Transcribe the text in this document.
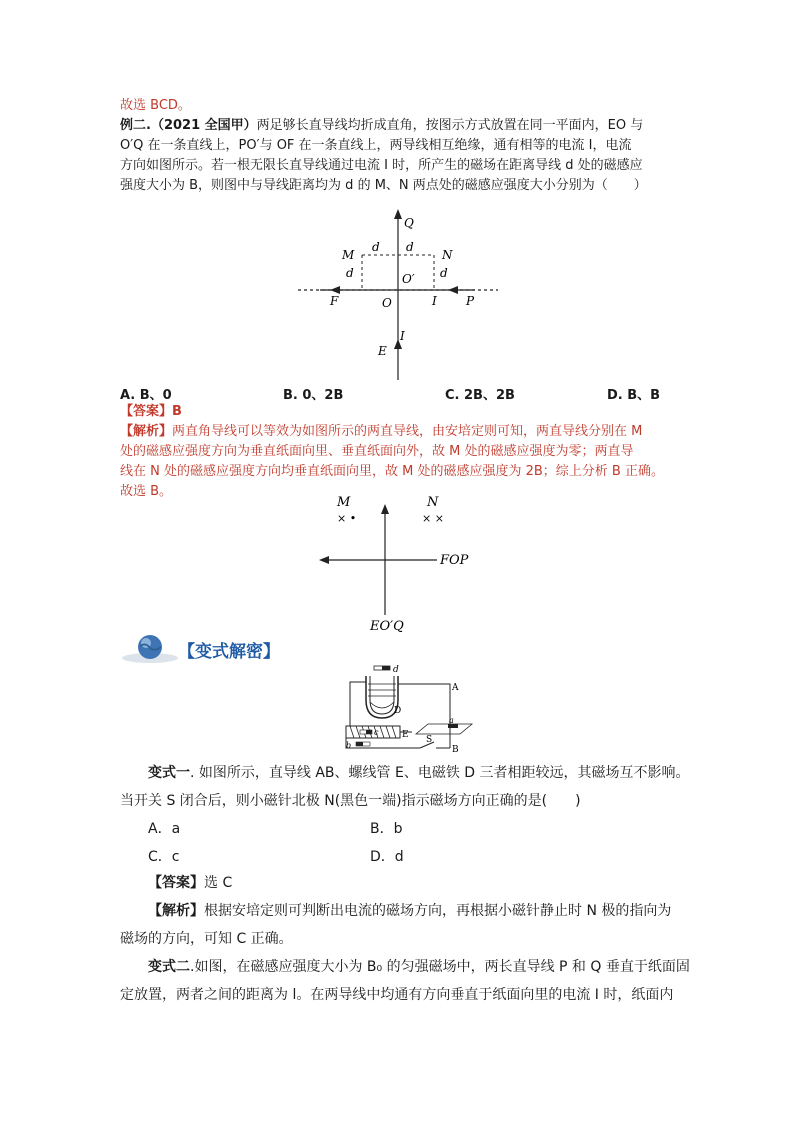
故选 BCD。
例二.（2021 全国甲）两足够长直导线均折成直角，按图示方式放置在同一平面内，EO 与
O′Q 在一条直线上，PO′与 OF 在一条直线上，两导线相互绝缘，通有相等的电流 I，电流
方向如图所示。若一根无限长直导线通过电流 I 时，所产生的磁场在距离导线 d 处的磁感应
强度大小为 B，则图中与导线距离均为 d 的 M、N 两点处的磁感应强度大小分别为（　　）
Q
d d
M	N
d	O′ d
F	O	I P
I
E
A. B、0	B. 0、2B	C. 2B、2B	D. B、B
【答案】B
【解析】两直角导线可以等效为如图所示的两直导线，由安培定则可知，两直导线分别在 M
处的磁感应强度方向为垂直纸面向里、垂直纸面向外，故 M 处的磁感应强度为零；两直导
线在 N 处的磁感应强度方向均垂直纸面向里，故 M 处的磁感应强度为 2B；综上分析 B 正确。
故选 B。
M	N
× •	× ×
FOP
EO′Q
【变式解密】
d
D
A
B
a
c	E
b
S
变式一. 如图所示，直导线 AB、螺线管 E、电磁铁 D 三者相距较远，其磁场互不影响。
当开关 S 闭合后，则小磁针北极 N(黑色一端)指示磁场方向正确的是(　　)
A．a	B．b
C．c	D．d
【答案】选 C
【解析】根据安培定则可判断出电流的磁场方向，再根据小磁针静止时 N 极的指向为
磁场的方向，可知 C 正确。
变式二.如图，在磁感应强度大小为 B₀ 的匀强磁场中，两长直导线 P 和 Q 垂直于纸面固
定放置，两者之间的距离为 l。在两导线中均通有方向垂直于纸面向里的电流 I 时，纸面内
